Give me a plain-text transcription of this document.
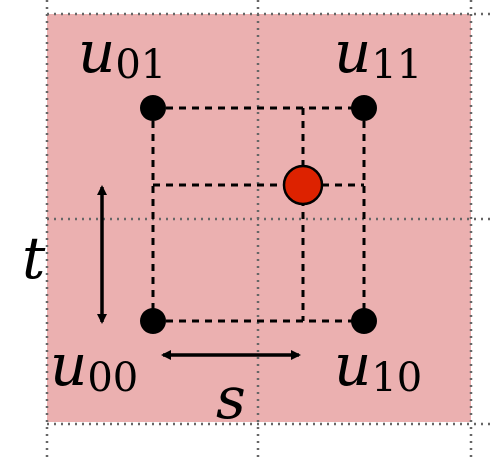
u01	u11
u00	u10
s
t
